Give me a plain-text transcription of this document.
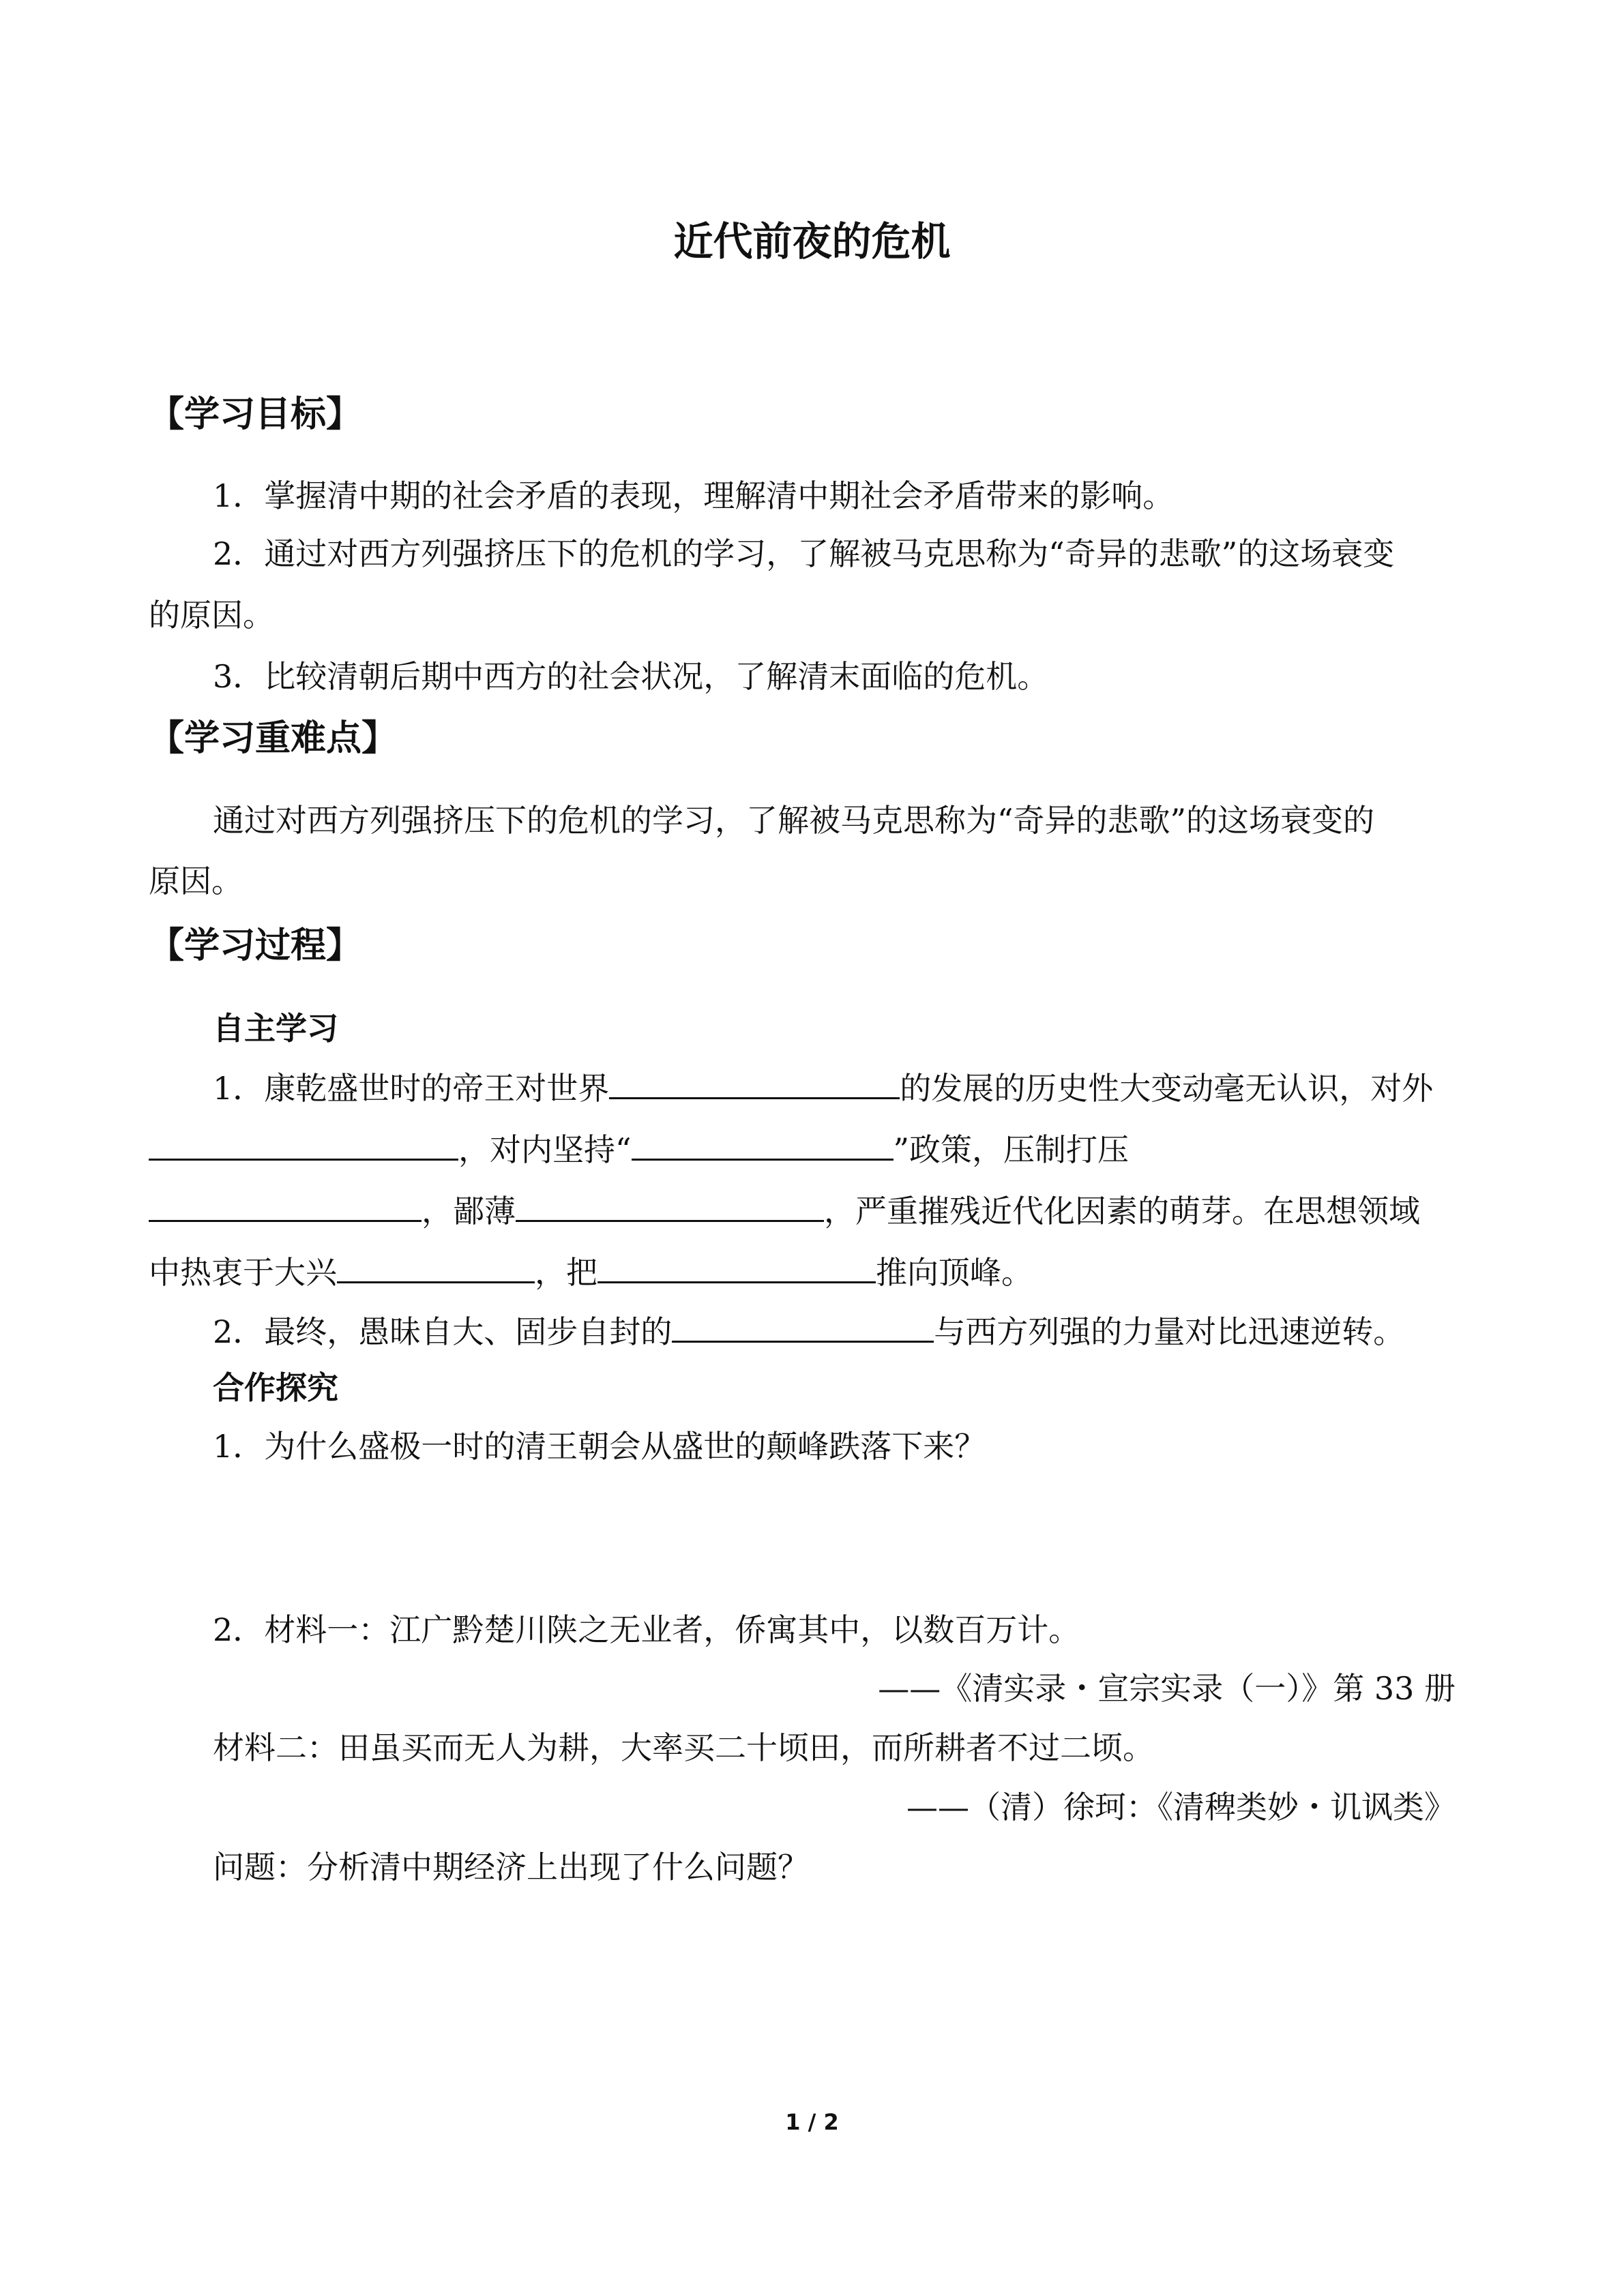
近代前夜的危机
【学习目标】
1．掌握清中期的社会矛盾的表现，理解清中期社会矛盾带来的影响。
2．通过对西方列强挤压下的危机的学习，了解被马克思称为“奇异的悲歌”的这场衰变
的原因。
3．比较清朝后期中西方的社会状况，了解清末面临的危机。
【学习重难点】
通过对西方列强挤压下的危机的学习，了解被马克思称为“奇异的悲歌”的这场衰变的
原因。
【学习过程】
自主学习
1．康乾盛世时的帝王对世界	的发展的历史性大变动毫无认识，对外
，对内坚持“	”政策，压制打压
，鄙薄	，严重摧残近代化因素的萌芽。在思想领域
中热衷于大兴	，把	推向顶峰。
2．最终，愚昧自大、固步自封的	与西方列强的力量对比迅速逆转。
合作探究
1．为什么盛极一时的清王朝会从盛世的颠峰跌落下来？
2．材料一：江广黔楚川陕之无业者，侨寓其中，以数百万计。
——《清实录・宣宗实录（一）》第 33 册
材料二：田虽买而无人为耕，大率买二十顷田，而所耕者不过二顷。
——（清）徐珂：《清稗类妙・讥讽类》
问题：分析清中期经济上出现了什么问题？
1 / 2
